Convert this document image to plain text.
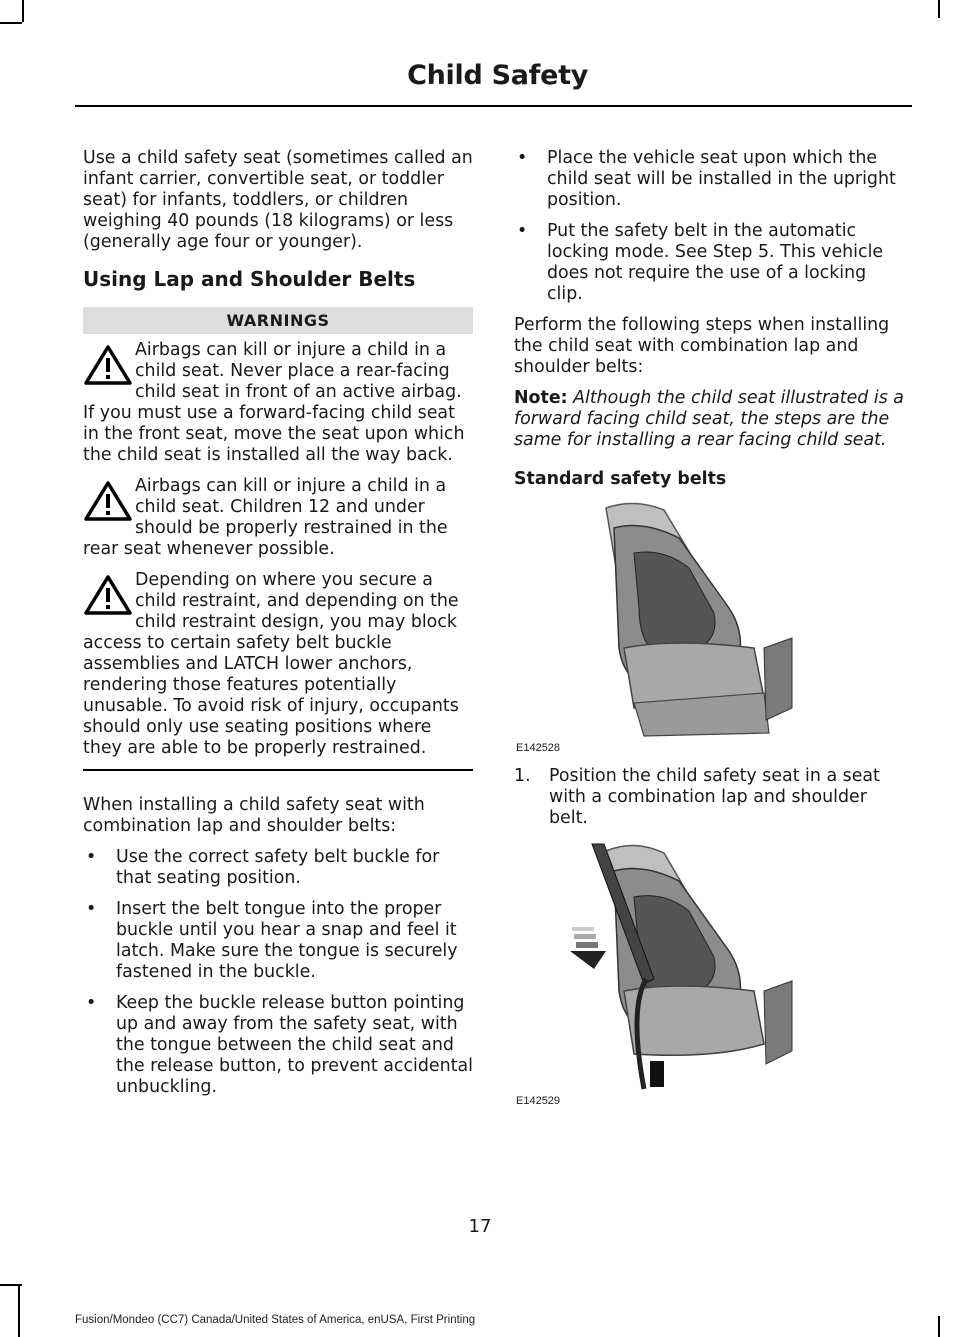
Child Safety

Use a child safety seat (sometimes called an infant carrier, convertible seat, or toddler seat) for infants, toddlers, or children weighing 40 pounds (18 kilograms) or less (generally age four or younger).

Using Lap and Shoulder Belts
WARNINGS
Airbags can kill or injure a child in a child seat. Never place a rear-facing child seat in front of an active airbag. If you must use a forward-facing child seat in the front seat, move the seat upon which the child seat is installed all the way back.
Airbags can kill or injure a child in a child seat. Children 12 and under should be properly restrained in the rear seat whenever possible.
Depending on where you secure a child restraint, and depending on the child restraint design, you may block access to certain safety belt buckle assemblies and LATCH lower anchors, rendering those features potentially unusable. To avoid risk of injury, occupants should only use seating positions where they are able to be properly restrained.

When installing a child safety seat with combination lap and shoulder belts:

• Use the correct safety belt buckle for that seating position.
• Insert the belt tongue into the proper buckle until you hear a snap and feel it latch. Make sure the tongue is securely fastened in the buckle.
• Keep the buckle release button pointing up and away from the safety seat, with the tongue between the child seat and the release button, to prevent accidental unbuckling.
• Place the vehicle seat upon which the child seat will be installed in the upright position.
• Put the safety belt in the automatic locking mode. See Step 5. This vehicle does not require the use of a locking clip.

Perform the following steps when installing the child seat with combination lap and shoulder belts:

Note: Although the child seat illustrated is a forward facing child seat, the steps are the same for installing a rear facing child seat.

Standard safety belts
E142528
1. Position the child safety seat in a seat with a combination lap and shoulder belt.
E142529
17
Fusion/Mondeo (CC7) Canada/United States of America, enUSA, First Printing
